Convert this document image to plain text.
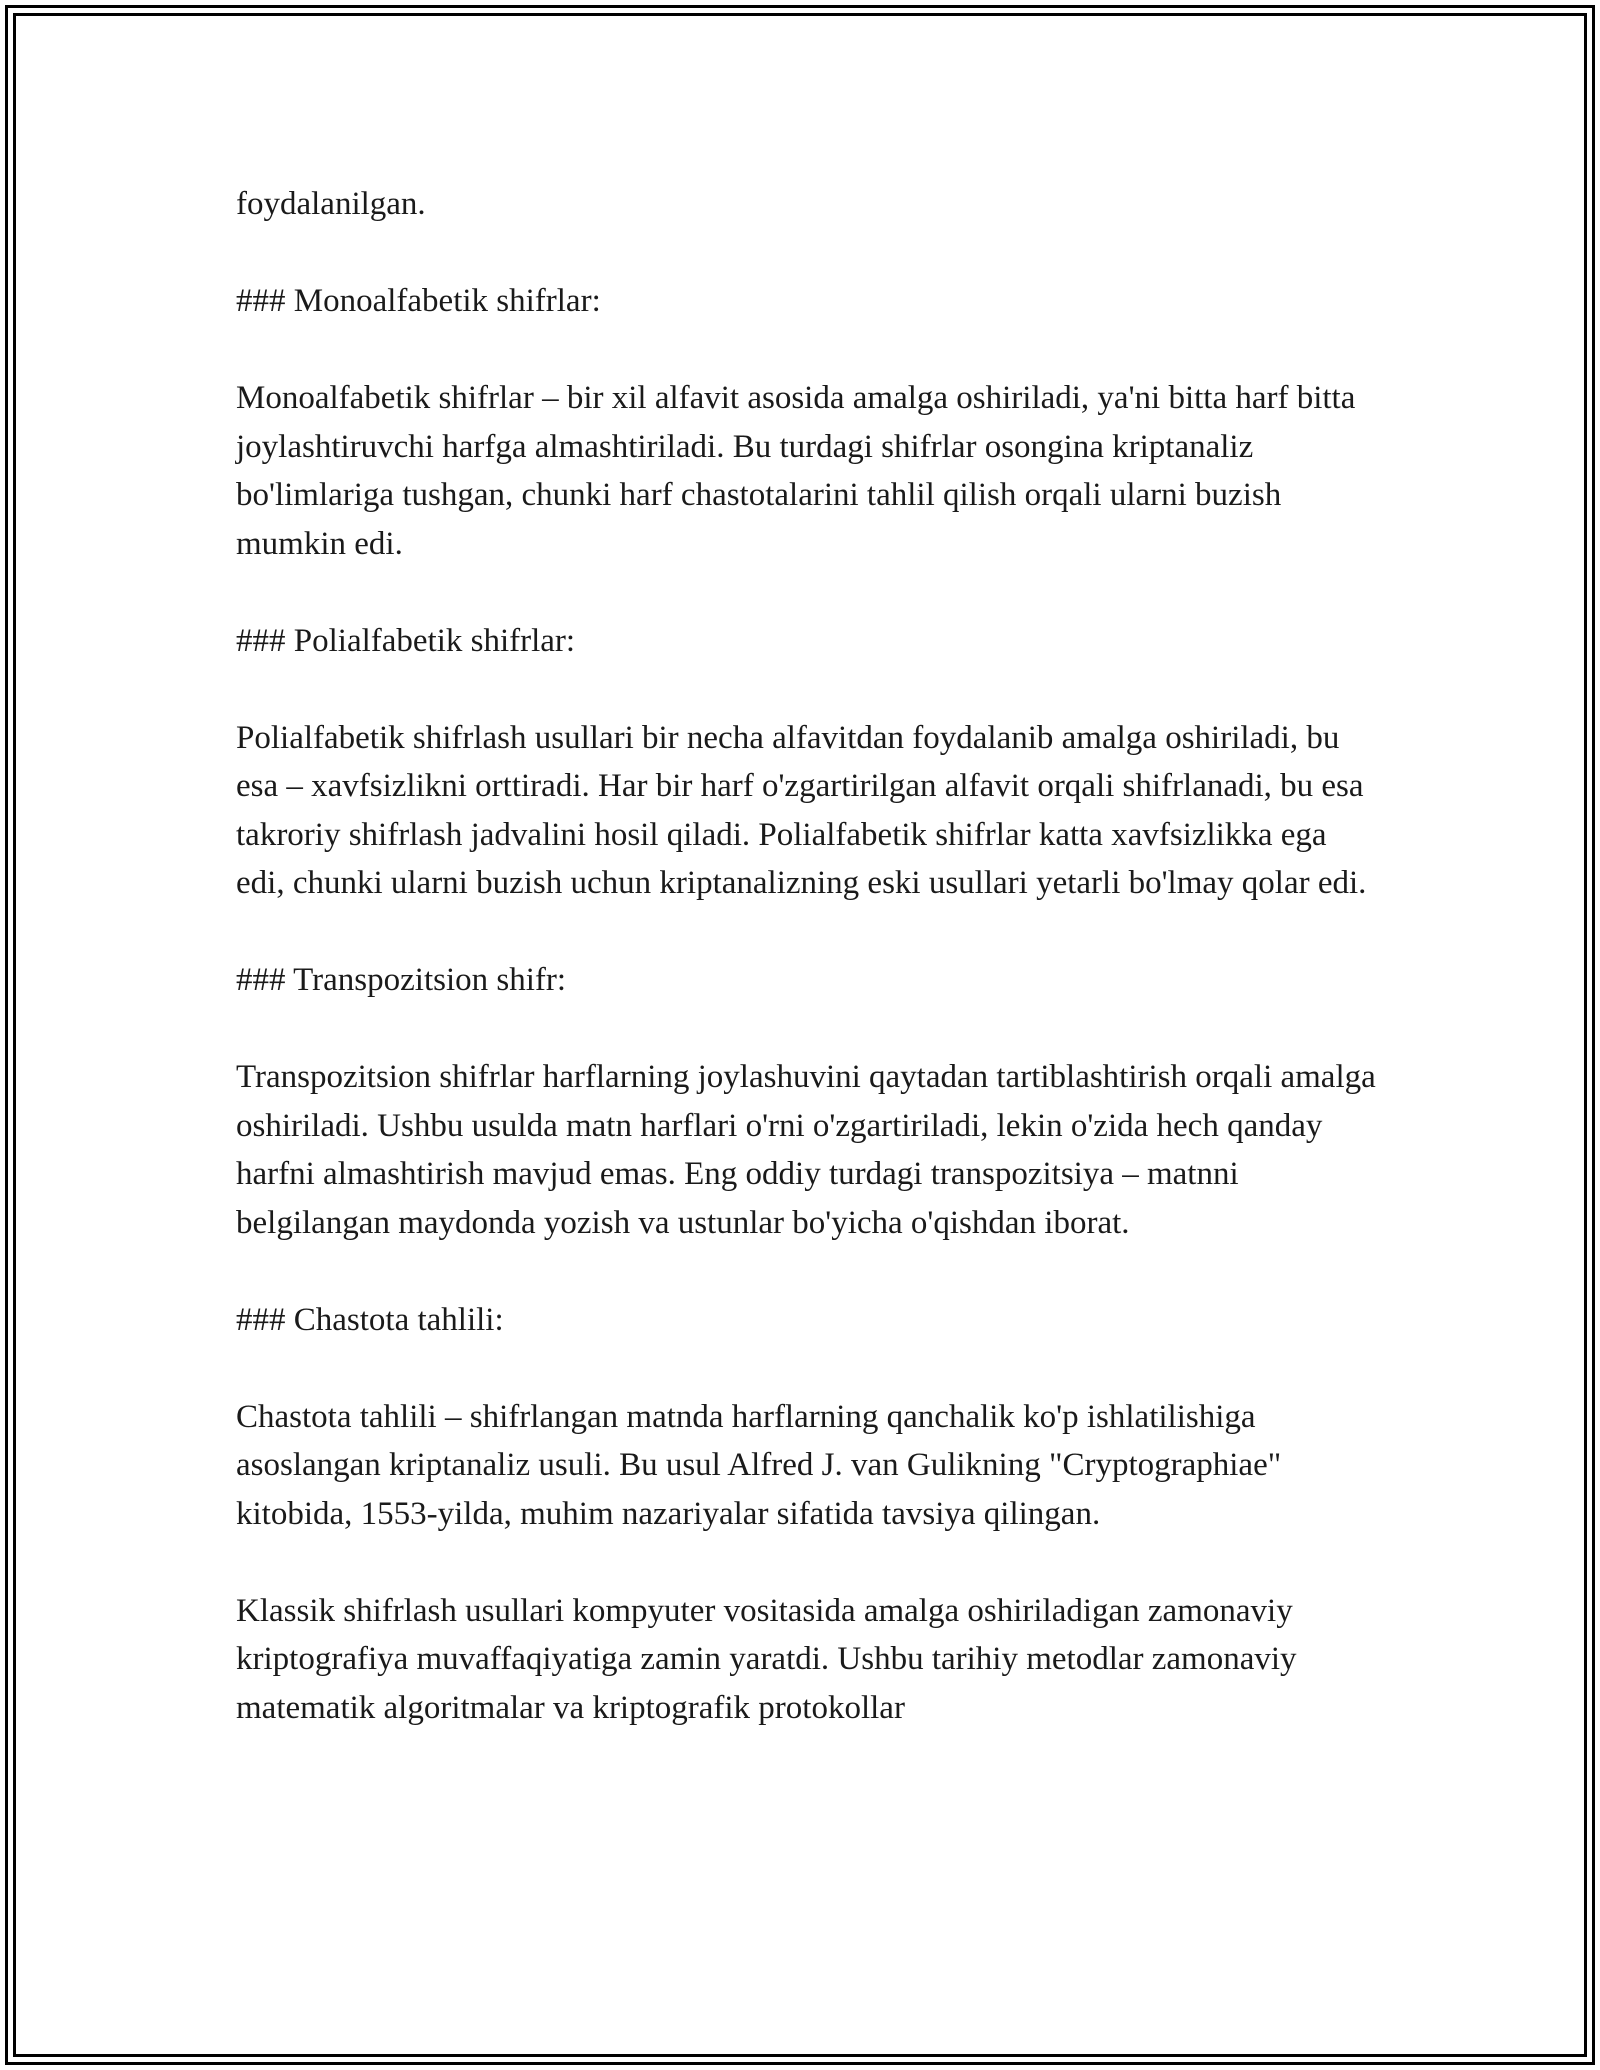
foydalanilgan.

### Monoalfabetik shifrlar:

Monoalfabetik shifrlar – bir xil alfavit asosida amalga oshiriladi, ya'ni bitta harf bitta joylashtiruvchi harfga almashtiriladi. Bu turdagi shifrlar osongina kriptanaliz bo'limlariga tushgan, chunki harf chastotalarini tahlil qilish orqali ularni buzish mumkin edi.

### Polialfabetik shifrlar:

Polialfabetik shifrlash usullari bir necha alfavitdan foydalanib amalga oshiriladi, bu esa – xavfsizlikni orttiradi. Har bir harf o'zgartirilgan alfavit orqali shifrlanadi, bu esa takroriy shifrlash jadvalini hosil qiladi. Polialfabetik shifrlar katta xavfsizlikka ega edi, chunki ularni buzish uchun kriptanalizning eski usullari yetarli bo'lmay qolar edi.

### Transpozitsion shifr:

Transpozitsion shifrlar harflarning joylashuvini qaytadan tartiblashtirish orqali amalga oshiriladi. Ushbu usulda matn harflari o'rni o'zgartiriladi, lekin o'zida hech qanday harfni almashtirish mavjud emas. Eng oddiy turdagi transpozitsiya – matnni belgilangan maydonda yozish va ustunlar bo'yicha o'qishdan iborat.

### Chastota tahlili:

Chastota tahlili – shifrlangan matnda harflarning qanchalik ko'p ishlatilishiga asoslangan kriptanaliz usuli. Bu usul Alfred J. van Gulikning "Cryptographiae" kitobida, 1553-yilda, muhim nazariyalar sifatida tavsiya qilingan.

Klassik shifrlash usullari kompyuter vositasida amalga oshiriladigan zamonaviy kriptografiya muvaffaqiyatiga zamin yaratdi. Ushbu tarihiy metodlar zamonaviy matematik algoritmalar va kriptografik protokollar
